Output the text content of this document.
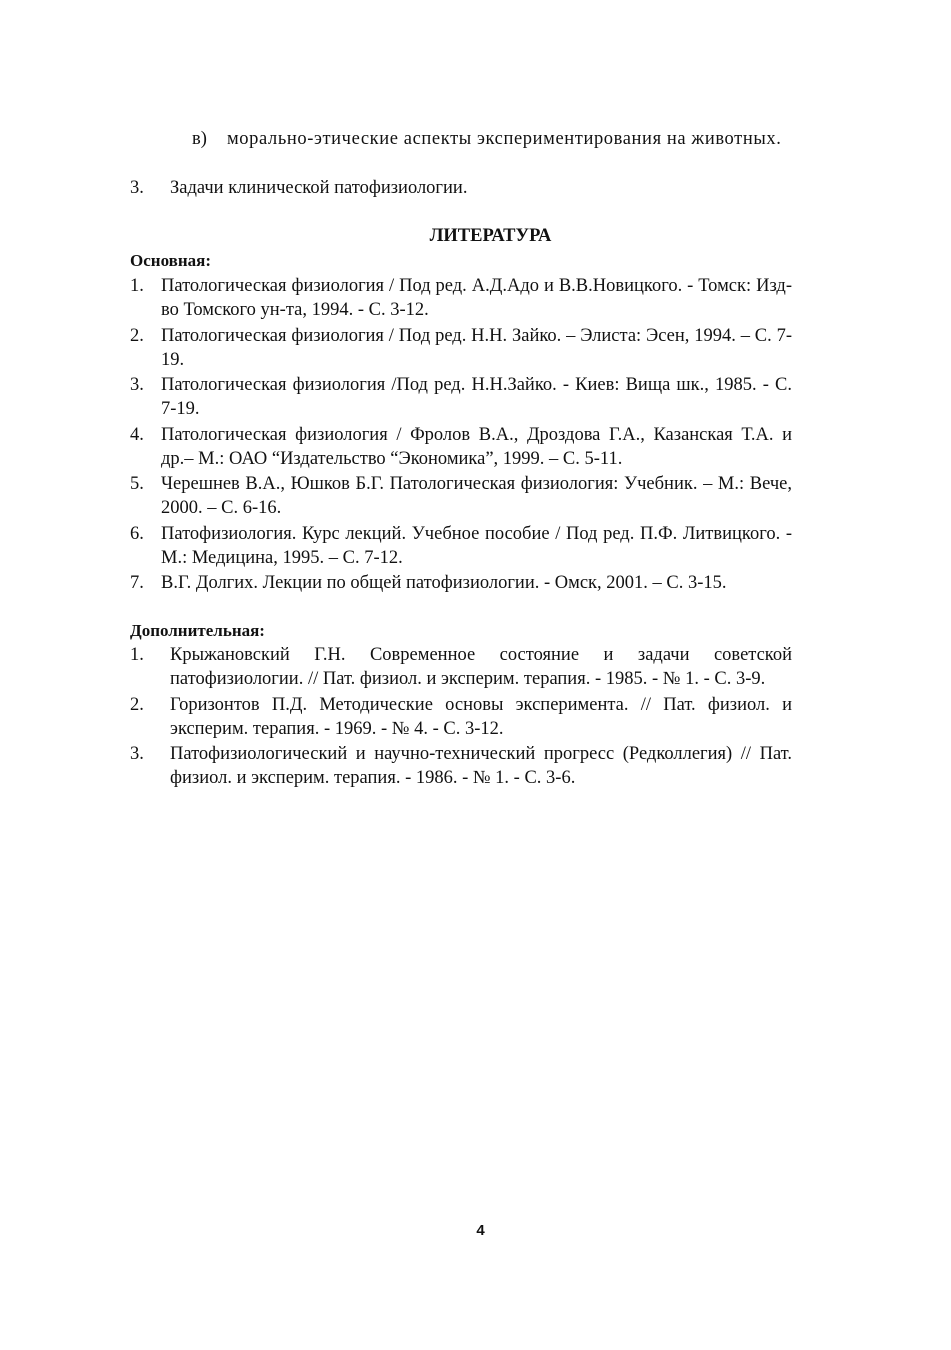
в) морально-этические аспекты экспериментирования на животных.
3. Задачи клинической патофизиологии.
ЛИТЕРАТУРА
Основная:
1. Патологическая физиология / Под ред. А.Д.Адо и В.В.Новицкого. - Томск: Изд-во Томского ун-та, 1994. - С. 3-12.
2. Патологическая физиология / Под ред. Н.Н. Зайко. – Элиста: Эсен, 1994. – С. 7-19.
3. Патологическая физиология /Под ред. Н.Н.Зайко. - Киев: Вища шк., 1985. - С. 7-19.
4. Патологическая физиология / Фролов В.А., Дроздова Г.А., Казанская Т.А. и др.– М.: ОАО “Издательство “Экономика”, 1999. – С. 5-11.
5. Черешнев В.А., Юшков Б.Г. Патологическая физиология: Учебник. – М.: Вече, 2000. – С. 6-16.
6. Патофизиология. Курс лекций. Учебное пособие / Под ред. П.Ф. Литвицкого. - М.: Медицина, 1995. – С. 7-12.
7. В.Г. Долгих. Лекции по общей патофизиологии. - Омск, 2001. – С. 3-15.
Дополнительная:
1. Крыжановский Г.Н. Современное состояние и задачи советской патофизиологии. // Пат. физиол. и эксперим. терапия. - 1985. - № 1. - С. 3-9.
2. Горизонтов П.Д. Методические основы эксперимента. // Пат. физиол. и эксперим. терапия. - 1969. - № 4. - С. 3-12.
3. Патофизиологический и научно-технический прогресс (Редколлегия) // Пат. физиол. и эксперим. терапия. - 1986. - № 1. - С. 3-6.
4
